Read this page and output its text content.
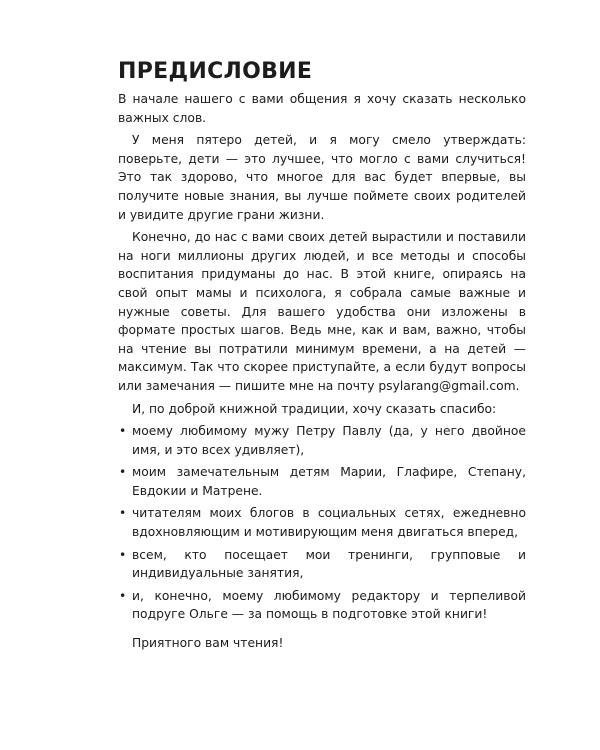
ПРЕДИСЛОВИЕ

В начале нашего с вами общения я хочу сказать несколько важных слов.

У меня пятеро детей, и я могу смело утверждать: поверьте, дети — это лучшее, что могло с вами случиться! Это так здорово, что многое для вас будет впервые, вы получите новые знания, вы лучше поймете своих родителей и увидите другие грани жизни.

Конечно, до нас с вами своих детей вырастили и поставили на ноги миллионы других людей, и все методы и способы воспитания придуманы до нас. В этой книге, опираясь на свой опыт мамы и психолога, я собрала самые важные и нужные советы. Для вашего удобства они изложены в формате простых шагов. Ведь мне, как и вам, важно, чтобы на чтение вы потратили минимум времени, а на детей — максимум. Так что скорее приступайте, а если будут вопросы или замечания — пишите мне на почту psylarang@gmail.com.

И, по доброй книжной традиции, хочу сказать спасибо:

• моему любимому мужу Петру Павлу (да, у него двойное имя, и это всех удивляет),
• моим замечательным детям Марии, Глафире, Степану, Евдокии и Матрене.
• читателям моих блогов в социальных сетях, ежедневно вдохновляющим и мотивирующим меня двигаться вперед,
• всем, кто посещает мои тренинги, групповые и индивидуальные занятия,
• и, конечно, моему любимому редактору и терпеливой подруге Ольге — за помощь в подготовке этой книги!

Приятного вам чтения!
